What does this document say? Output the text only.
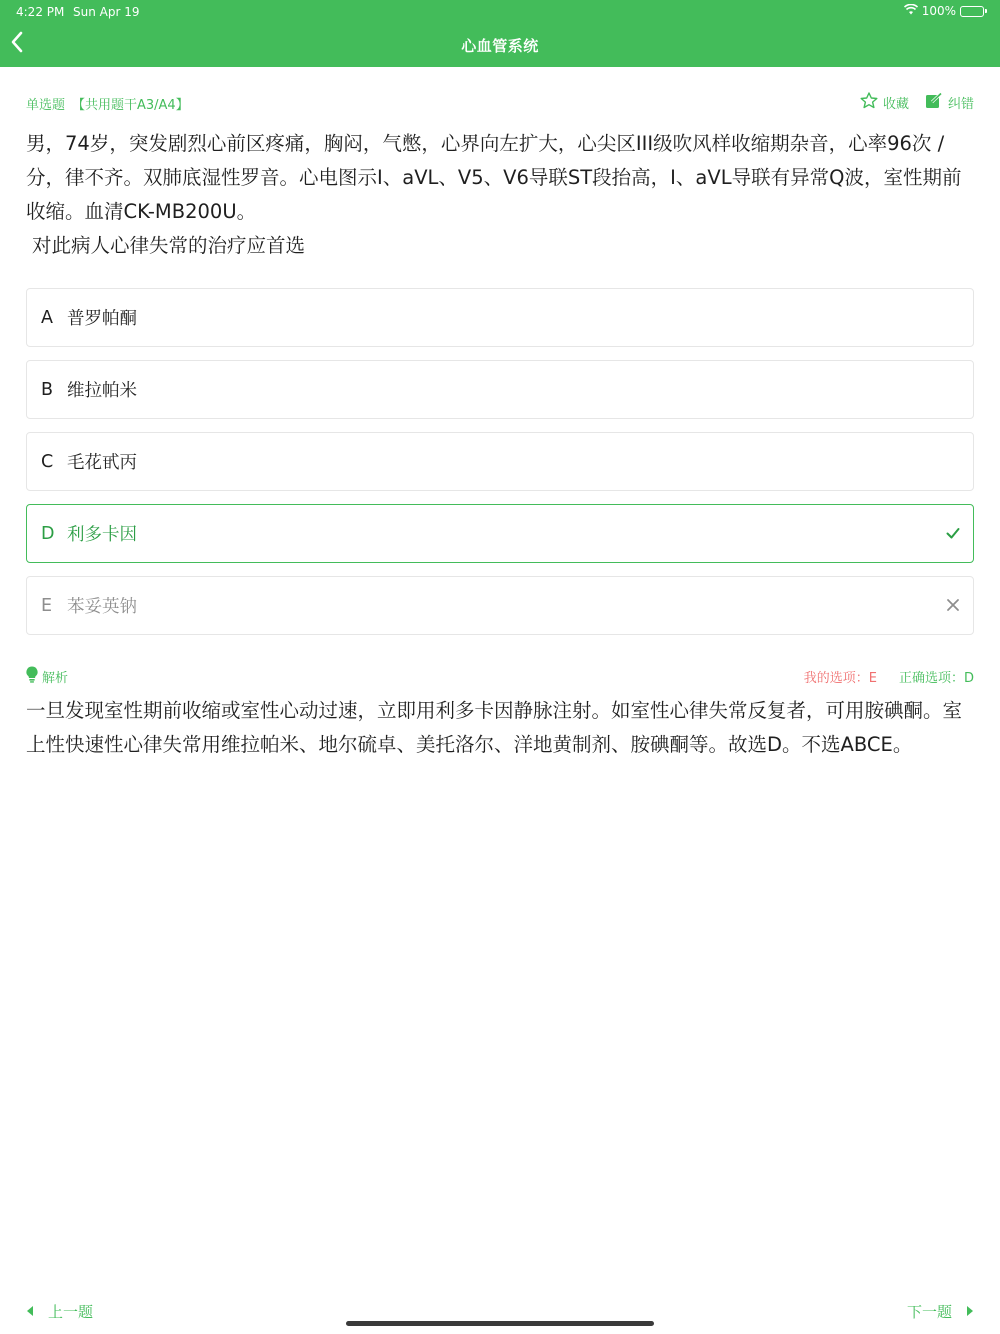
4:22 PM Sun Apr 19	100%
心血管系统
单选题 【共用题干A3/A4】	收藏	纠错

男，74岁，突发剧烈心前区疼痛，胸闷，气憋，心界向左扩大，心尖区III级吹风样收缩期杂音，心率96次 / 分，律不齐。双肺底湿性罗音。心电图示I、aVL、V5、V6导联ST段抬高，I、aVL导联有异常Q波，室性期前收缩。血清CK-MB200U。

对此病人心律失常的治疗应首选

A 普罗帕酮
B 维拉帕米
C 毛花甙丙
D 利多卡因
E 苯妥英钠
解析	我的选项：E 正确选项：D
一旦发现室性期前收缩或室性心动过速，立即用利多卡因静脉注射。如室性心律失常反复者，可用胺碘酮。室上性快速性心律失常用维拉帕米、地尔硫卓、美托洛尔、洋地黄制剂、胺碘酮等。故选D。不选ABCE。
上一题	下一题
